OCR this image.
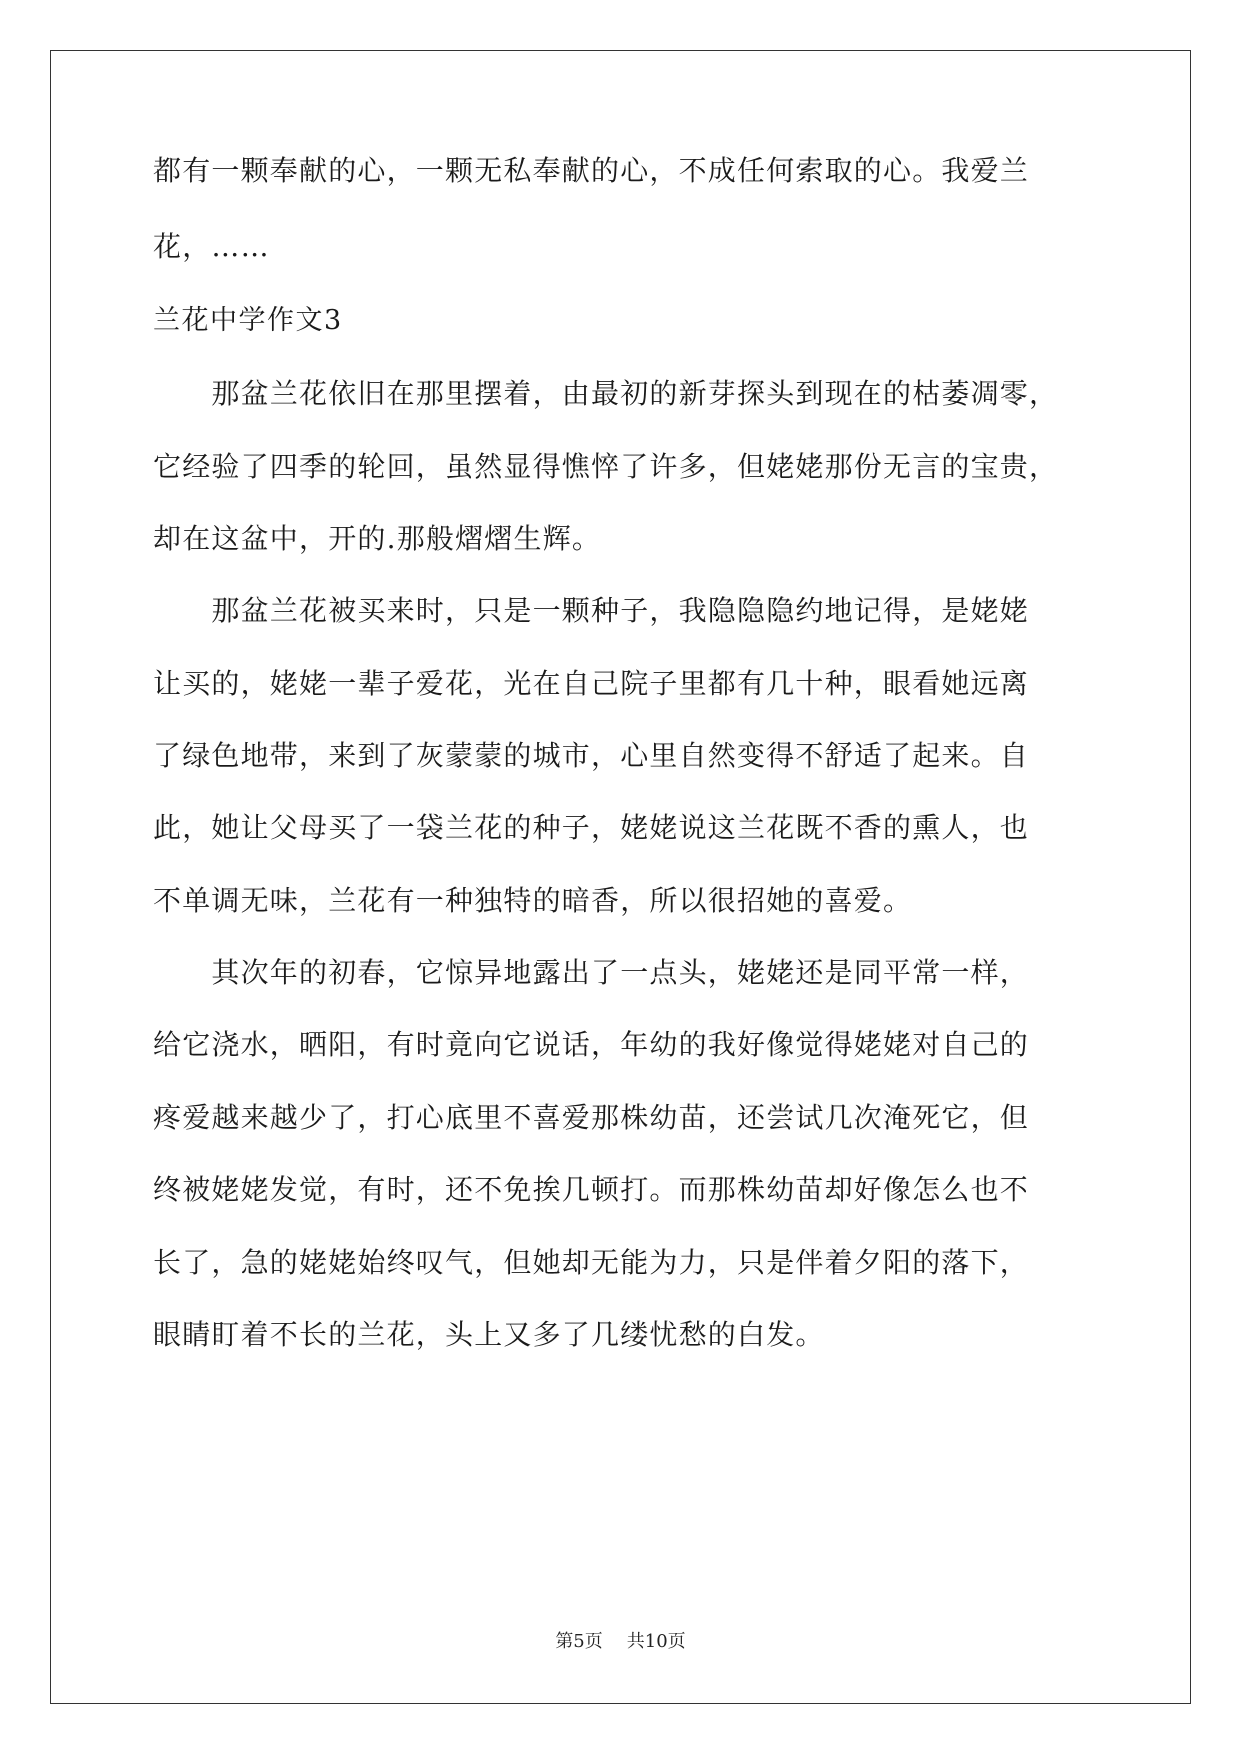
都有一颗奉献的心，一颗无私奉献的心，不成任何索取的心。我爱兰
花，……
兰花中学作文3
　　那盆兰花依旧在那里摆着，由最初的新芽探头到现在的枯萎凋零，
它经验了四季的轮回，虽然显得憔悴了许多，但姥姥那份无言的宝贵，
却在这盆中，开的.那般熠熠生辉。
　　那盆兰花被买来时，只是一颗种子，我隐隐隐约地记得，是姥姥
让买的，姥姥一辈子爱花，光在自己院子里都有几十种，眼看她远离
了绿色地带，来到了灰蒙蒙的城市，心里自然变得不舒适了起来。自
此，她让父母买了一袋兰花的种子，姥姥说这兰花既不香的熏人，也
不单调无味，兰花有一种独特的暗香，所以很招她的喜爱。
　　其次年的初春，它惊异地露出了一点头，姥姥还是同平常一样，
给它浇水，晒阳，有时竟向它说话，年幼的我好像觉得姥姥对自己的
疼爱越来越少了，打心底里不喜爱那株幼苗，还尝试几次淹死它，但
终被姥姥发觉，有时，还不免挨几顿打。而那株幼苗却好像怎么也不
长了，急的姥姥始终叹气，但她却无能为力，只是伴着夕阳的落下，
眼睛盯着不长的兰花，头上又多了几缕忧愁的白发。
第5页 共10页
